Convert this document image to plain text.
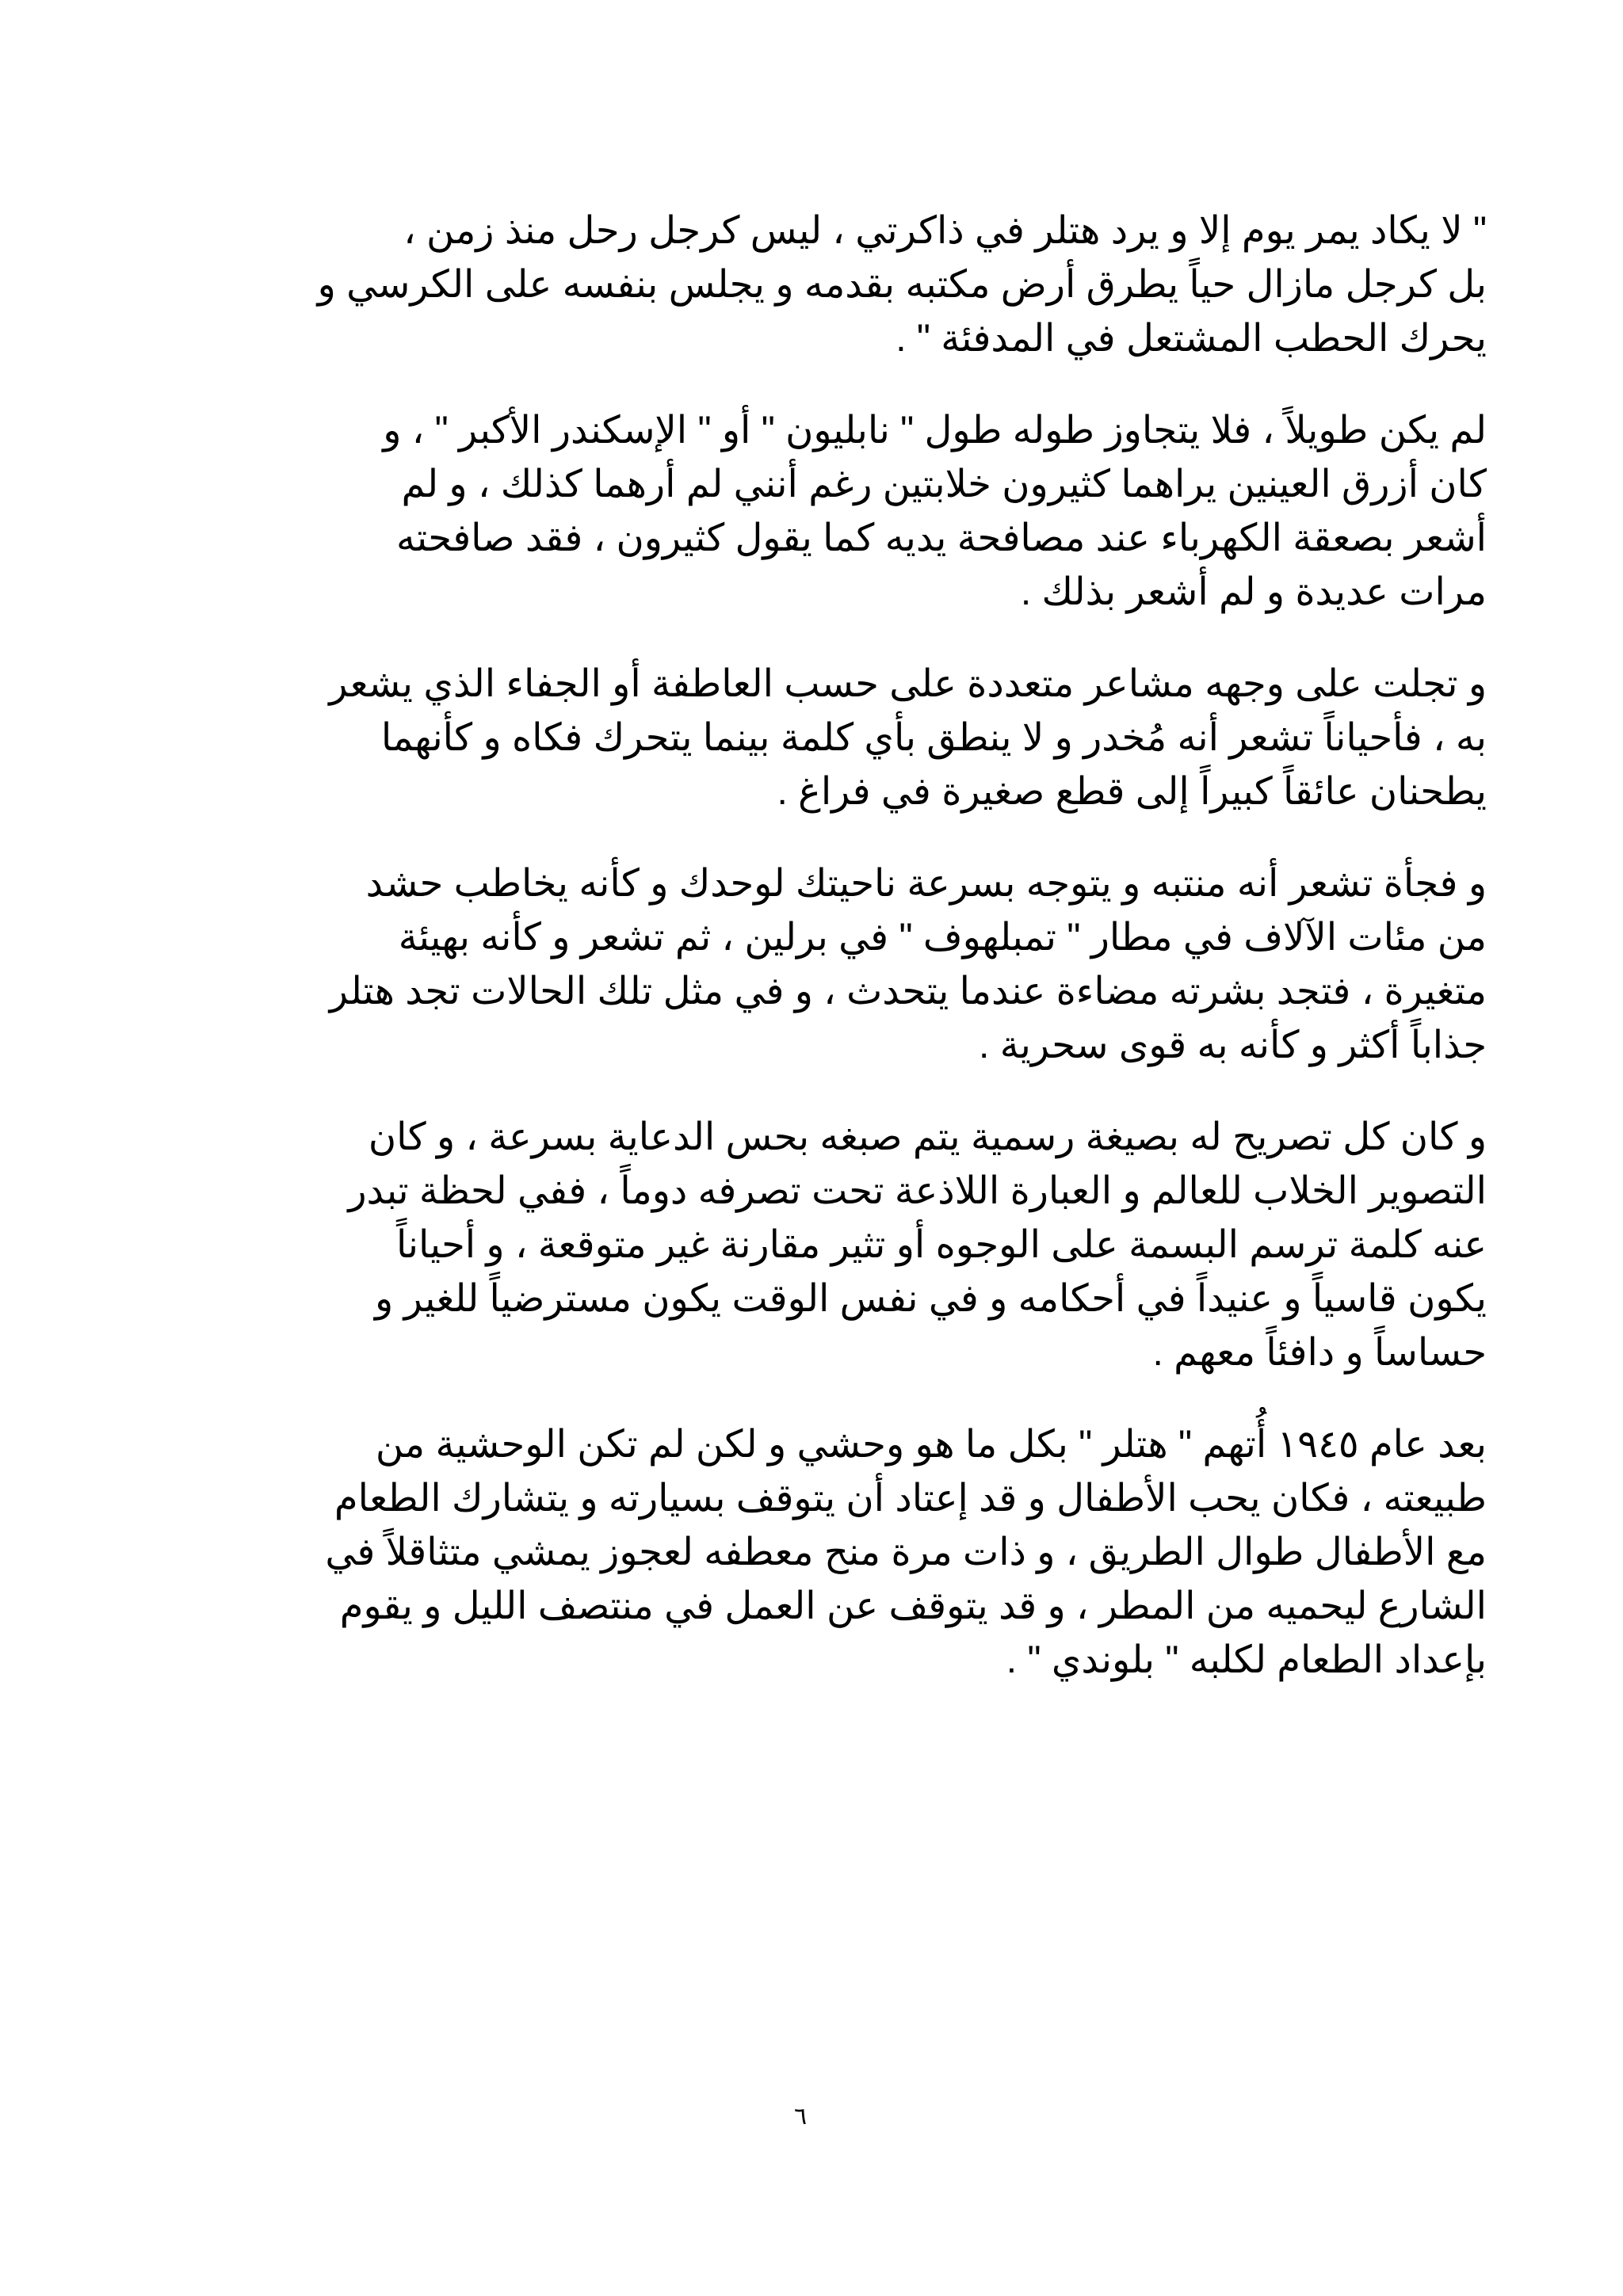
" لا يكاد يمر يوم إلا و يرد هتلر في ذاكرتي ، ليس كرجل رحل منذ زمن ،
بل كرجل مازال حياً يطرق أرض مكتبه بقدمه و يجلس بنفسه على الكرسي و
يحرك الحطب المشتعل في المدفئة " .
لم يكن طويلاً ، فلا يتجاوز طوله طول " نابليون " أو " الإسكندر الأكبر " ، و
كان أزرق العينين يراهما كثيرون خلابتين رغم أنني لم أرهما كذلك ، و لم
أشعر بصعقة الكهرباء عند مصافحة يديه كما يقول كثيرون ، فقد صافحته
مرات عديدة و لم أشعر بذلك .
و تجلت على وجهه مشاعر متعددة على حسب العاطفة أو الجفاء الذي يشعر
به ، فأحياناً تشعر أنه مُخدر و لا ينطق بأي كلمة بينما يتحرك فكاه و كأنهما
يطحنان عائقاً كبيراً إلى قطع صغيرة في فراغ .
و فجأة تشعر أنه منتبه و يتوجه بسرعة ناحيتك لوحدك و كأنه يخاطب حشد
من مئات الآلاف في مطار " تمبلهوف " في برلين ، ثم تشعر و كأنه بهيئة
متغيرة ، فتجد بشرته مضاءة عندما يتحدث ، و في مثل تلك الحالات تجد هتلر
جذاباً أكثر و كأنه به قوى سحرية .
و كان كل تصريح له بصيغة رسمية يتم صبغه بحس الدعاية بسرعة ، و كان
التصوير الخلاب للعالم و العبارة اللاذعة تحت تصرفه دوماً ، ففي لحظة تبدر
عنه كلمة ترسم البسمة على الوجوه أو تثير مقارنة غير متوقعة ، و أحياناً
يكون قاسياً و عنيداً في أحكامه و في نفس الوقت يكون مسترضياً للغير و
حساساً و دافئاً معهم .
بعد عام ١٩٤٥ أُتهم " هتلر " بكل ما هو وحشي و لكن لم تكن الوحشية من
طبيعته ، فكان يحب الأطفال و قد إعتاد أن يتوقف بسيارته و يتشارك الطعام
مع الأطفال طوال الطريق ، و ذات مرة منح معطفه لعجوز يمشي متثاقلاً في
الشارع ليحميه من المطر ، و قد يتوقف عن العمل في منتصف الليل و يقوم
بإعداد الطعام لكلبه " بلوندي " .
٦
